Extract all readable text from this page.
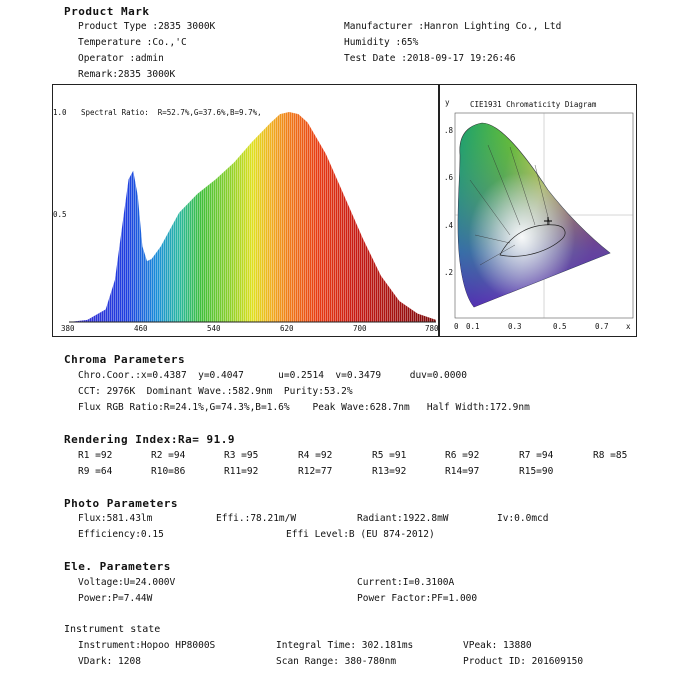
Product Mark
Product Type :2835 3000K	Manufacturer :Hanron Lighting Co., Ltd
Temperature :Co.,'C	Humidity :65%
Operator :admin	Test Date :2018-09-17 19:26:46
Remark:2835 3000K
Spectral Ratio:  R=52.7%,G=37.6%,B=9.7%,
1.0
0.5
380	460	540	620	700	780
CIE1931 Chromaticity Diagram
y
.8
.6
.4
.2
0 0.1	0.3	0.5	0.7 x
Chroma Parameters
Chro.Coor.:x=0.4387  y=0.4047      u=0.2514  v=0.3479     duv=0.0000
CCT: 2976K  Dominant Wave.:582.9nm  Purity:53.2%
Flux RGB Ratio:R=24.1%,G=74.3%,B=1.6%    Peak Wave:628.7nm   Half Width:172.9nm
Rendering Index:Ra= 91.9
R1 =92	R2 =94	R3 =95	R4 =92	R5 =91	R6 =92	R7 =94	R8 =85
R9 =64	R10=86	R11=92	R12=77	R13=92	R14=97	R15=90
Photo Parameters
Flux:581.43lm	Effi.:78.21m/W	Radiant:1922.8mW	Iv:0.0mcd
Efficiency:0.15	Effi Level:B (EU 874-2012)
Ele. Parameters
Voltage:U=24.000V	Current:I=0.3100A
Power:P=7.44W	Power Factor:PF=1.000
Instrument state
Instrument:Hopoo HP8000S	Integral Time: 302.181ms	VPeak: 13880
VDark: 1208	Scan Range: 380-780nm	Product ID: 201609150
